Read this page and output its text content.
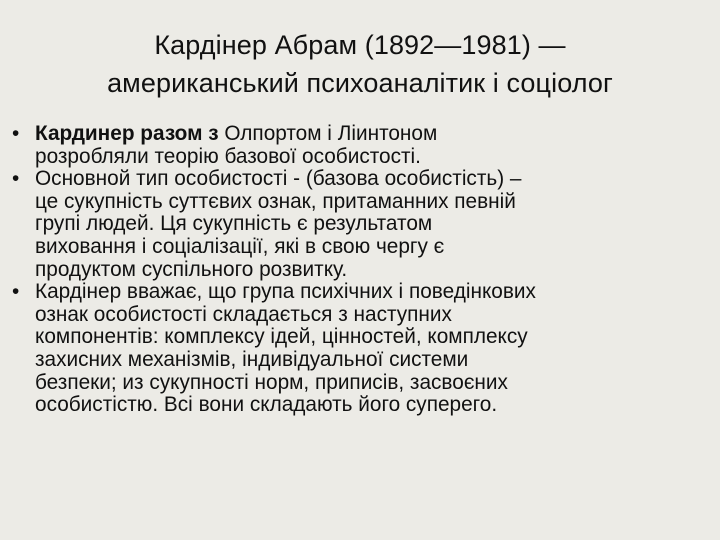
Кардінер Абрам (1892—1981) —
американський психоаналітик і соціолог
• Кардинер разом з Олпортом і Ліинтоном
розробляли теорію базової особистості.
• Основной тип особистості - (базова особистість) –
це сукупність суттєвих ознак, притаманних певній
групі людей. Ця сукупність є результатом
виховання і соціалізації, які в свою чергу є
продуктом суспільного розвитку.
• Кардінер вважає, що група психічних і поведінкових
ознак особистості складається з наступних
компонентів: комплексу ідей, цінностей, комплексу
захисних механізмів, індивідуальної системи
безпеки; из сукупності норм, приписів, засвоєних
особистістю. Всі вони складають його суперего.
